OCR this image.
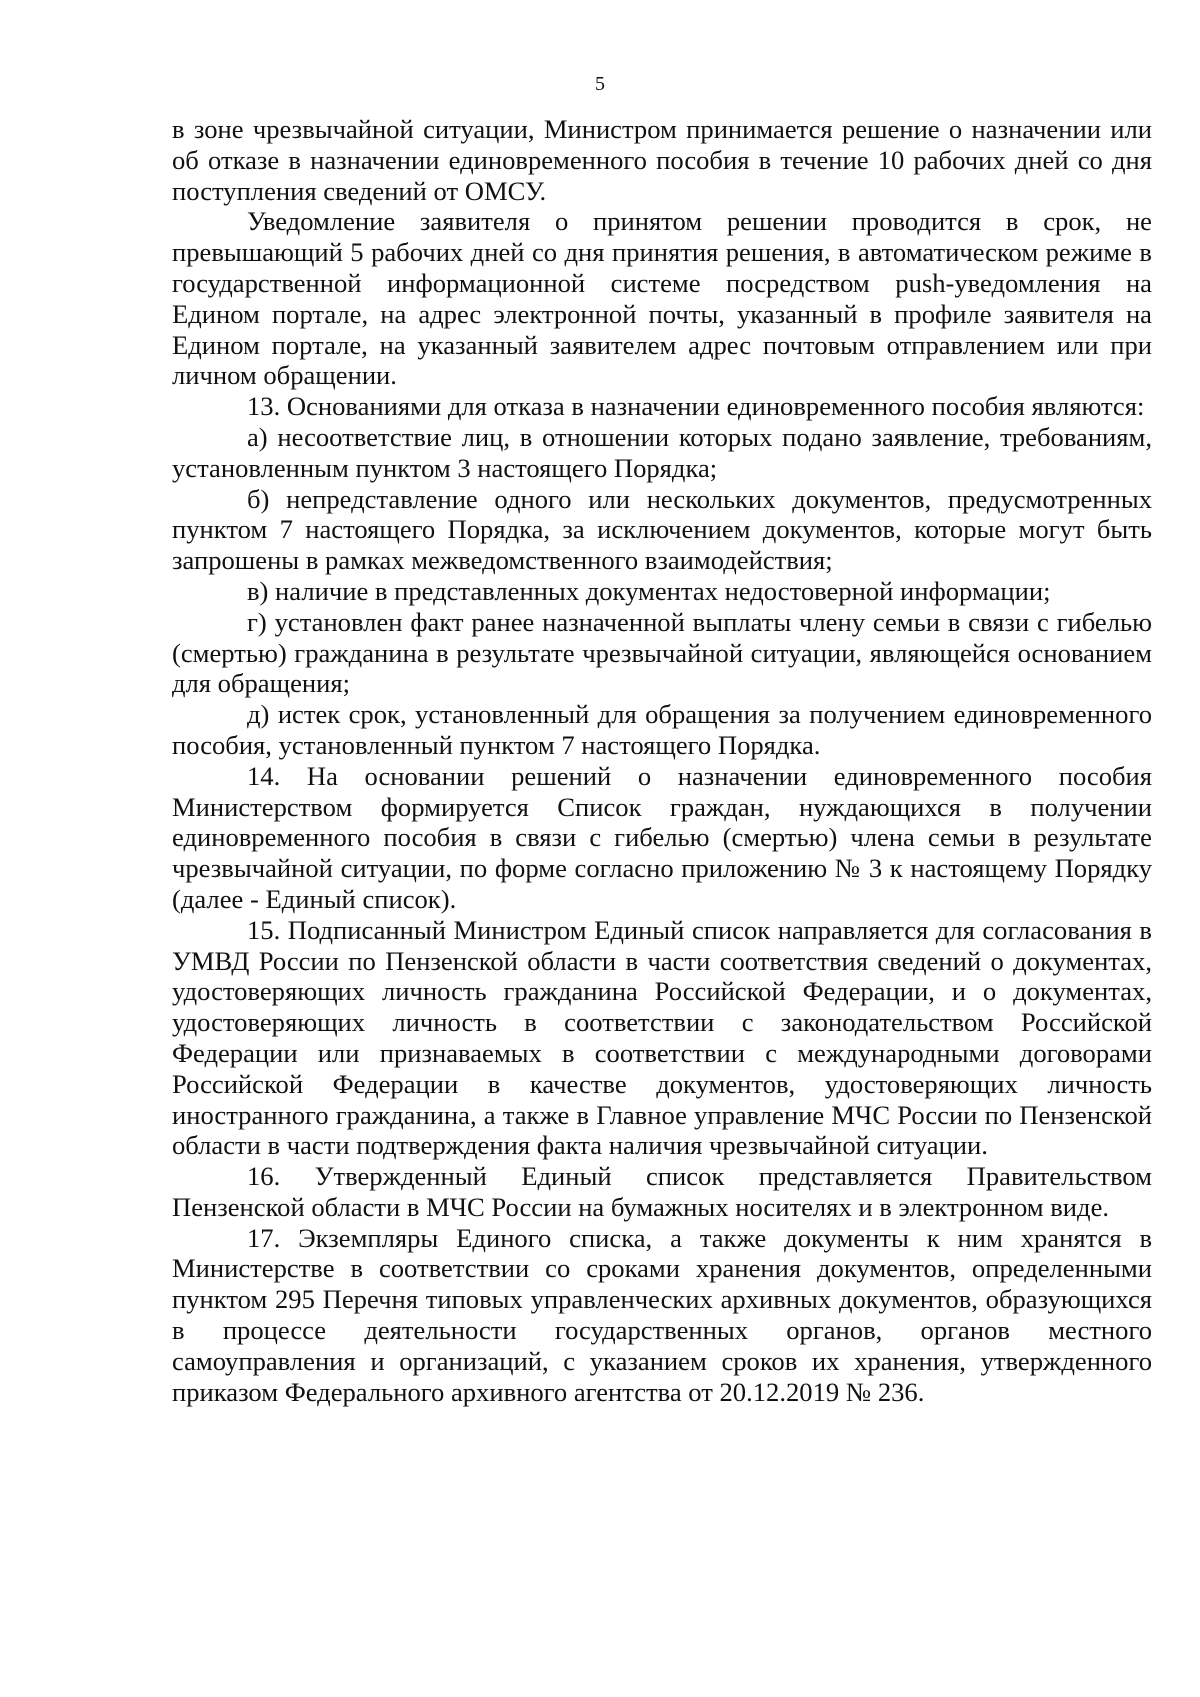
5

в зоне чрезвычайной ситуации, Министром принимается решение о назначении или об отказе в назначении единовременного пособия в течение 10 рабочих дней со дня поступления сведений от ОМСУ.

Уведомление заявителя о принятом решении проводится в срок, не превышающий 5 рабочих дней со дня принятия решения, в автоматическом режиме в государственной информационной системе посредством push-уведомления на Едином портале, на адрес электронной почты, указанный в профиле заявителя на Едином портале, на указанный заявителем адрес почтовым отправлением или при личном обращении.

13. Основаниями для отказа в назначении единовременного пособия являются:

а) несоответствие лиц, в отношении которых подано заявление, требованиям, установленным пунктом 3 настоящего Порядка;

б) непредставление одного или нескольких документов, предусмотренных пунктом 7 настоящего Порядка, за исключением документов, которые могут быть запрошены в рамках межведомственного взаимодействия;

в) наличие в представленных документах недостоверной информации;

г) установлен факт ранее назначенной выплаты члену семьи в связи с гибелью (смертью) гражданина в результате чрезвычайной ситуации, являющейся основанием для обращения;

д) истек срок, установленный для обращения за получением единовременного пособия, установленный пунктом 7 настоящего Порядка.

14. На основании решений о назначении единовременного пособия Министерством формируется Список граждан, нуждающихся в получении единовременного пособия в связи с гибелью (смертью) члена семьи в результате чрезвычайной ситуации, по форме согласно приложению № 3 к настоящему Порядку (далее - Единый список).

15. Подписанный Министром Единый список направляется для согласования в УМВД России по Пензенской области в части соответствия сведений о документах, удостоверяющих личность гражданина Российской Федерации, и о документах, удостоверяющих личность в соответствии с законодательством Российской Федерации или признаваемых в соответствии с международными договорами Российской Федерации в качестве документов, удостоверяющих личность иностранного гражданина, а также в Главное управление МЧС России по Пензенской области в части подтверждения факта наличия чрезвычайной ситуации.

16. Утвержденный Единый список представляется Правительством Пензенской области в МЧС России на бумажных носителях и в электронном виде.

17. Экземпляры Единого списка, а также документы к ним хранятся в Министерстве в соответствии со сроками хранения документов, определенными пунктом 295 Перечня типовых управленческих архивных документов, образующихся в процессе деятельности государственных органов, органов местного самоуправления и организаций, с указанием сроков их хранения, утвержденного приказом Федерального архивного агентства от 20.12.2019 № 236.
